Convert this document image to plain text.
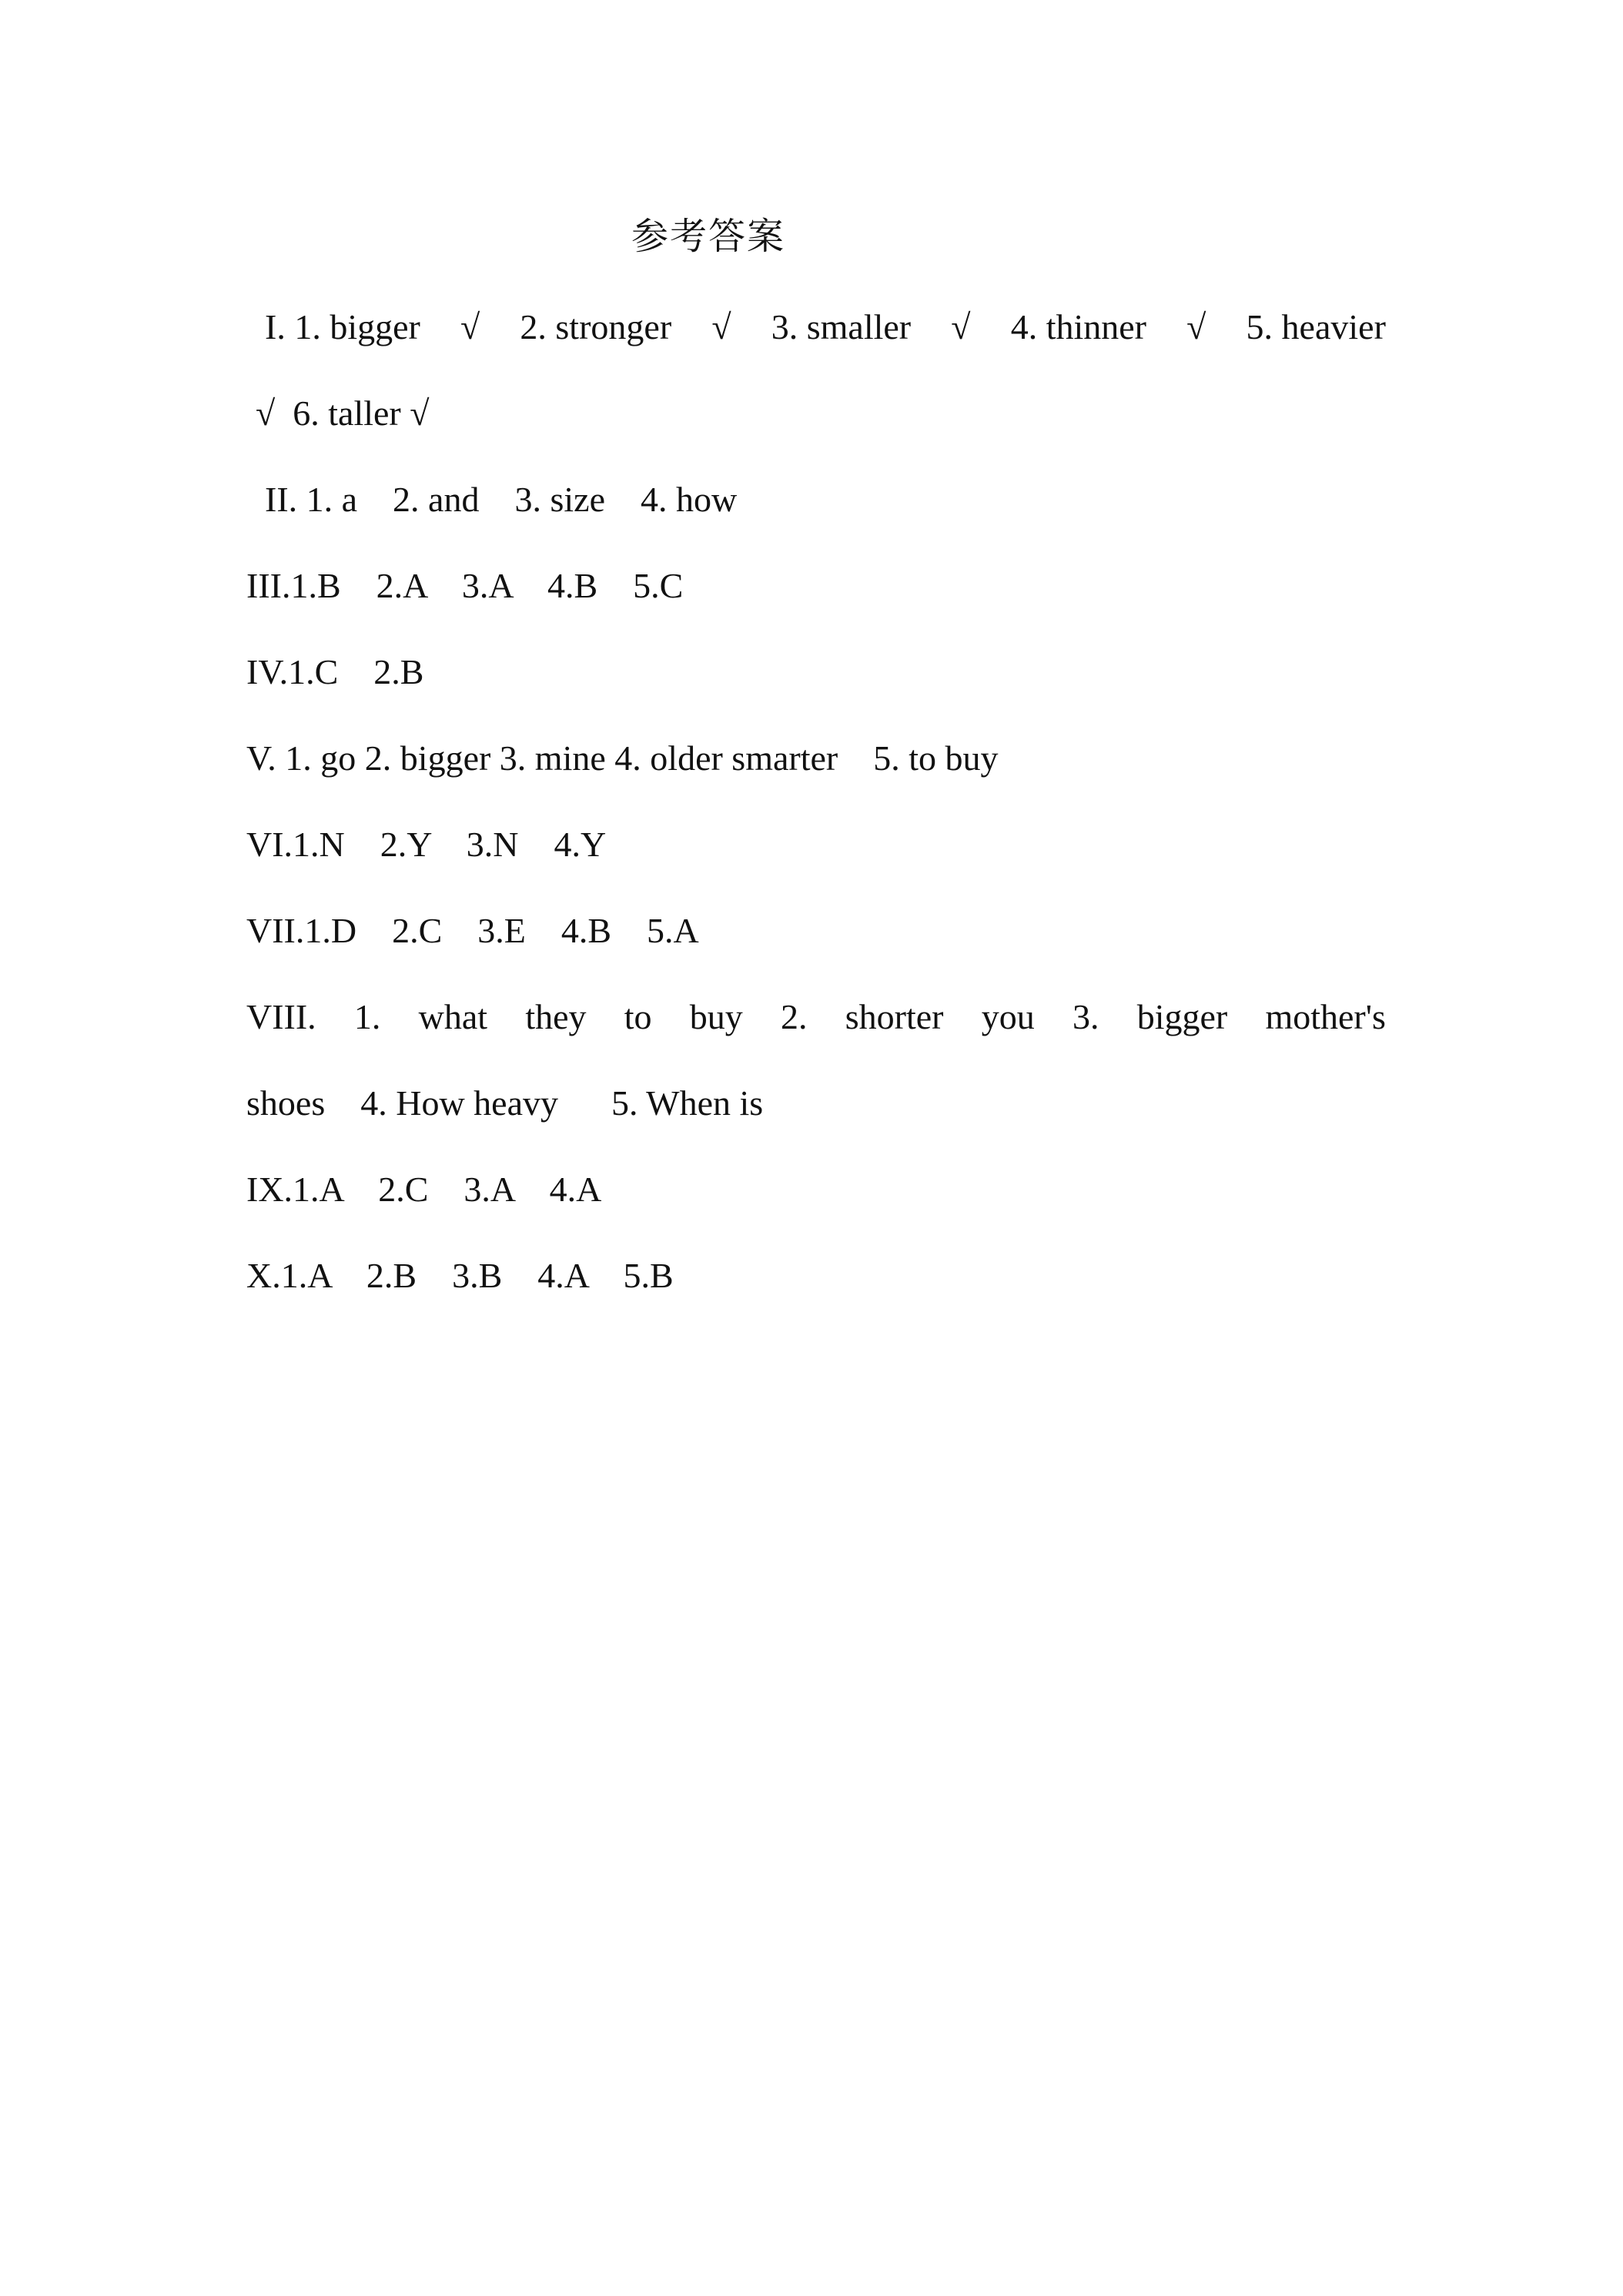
参考答案
I. 1. bigger √ 2. stronger √ 3. smaller √ 4. thinner √ 5. heavier
√  6. taller √
II. 1. a    2. and    3. size    4. how
III.1.B    2.A    3.A    4.B    5.C
IV.1.C    2.B
V. 1. go 2. bigger 3. mine 4. older smarter    5. to buy
VI.1.N    2.Y    3.N    4.Y
VII.1.D    2.C    3.E    4.B    5.A
VIII. 1. what they to buy 2. shorter you 3. bigger mother's
shoes    4. How heavy      5. When is
IX.1.A    2.C    3.A    4.A
X.1.A    2.B    3.B    4.A    5.B
